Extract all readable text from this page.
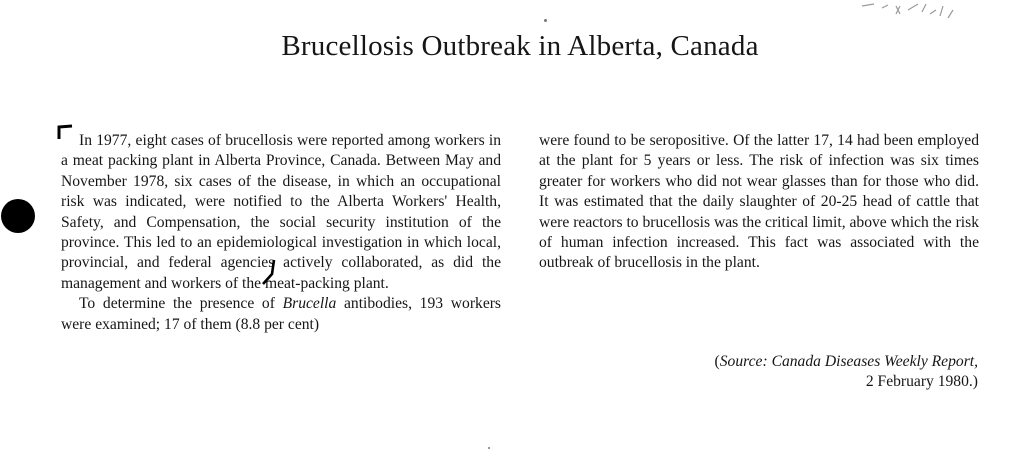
Brucellosis Outbreak in Alberta, Canada

In 1977, eight cases of brucellosis were reported among workers in a meat packing plant in Alberta Province, Canada. Between May and November 1978, six cases of the disease, in which an occupational risk was indicated, were notified to the Alberta Workers' Health, Safety, and Compensation, the social security institution of the province. This led to an epidemiological investigation in which local, provincial, and federal agencies actively collaborated, as did the management and workers of the meat-packing plant.

To determine the presence of Brucella antibodies, 193 workers were examined; 17 of them (8.8 per cent)

were found to be seropositive. Of the latter 17, 14 had been employed at the plant for 5 years or less. The risk of infection was six times greater for workers who did not wear glasses than for those who did. It was estimated that the daily slaughter of 20-25 head of cattle that were reactors to brucellosis was the critical limit, above which the risk of human infection increased. This fact was associated with the outbreak of brucellosis in the plant.

(Source: Canada Diseases Weekly Report,
2 February 1980.)
